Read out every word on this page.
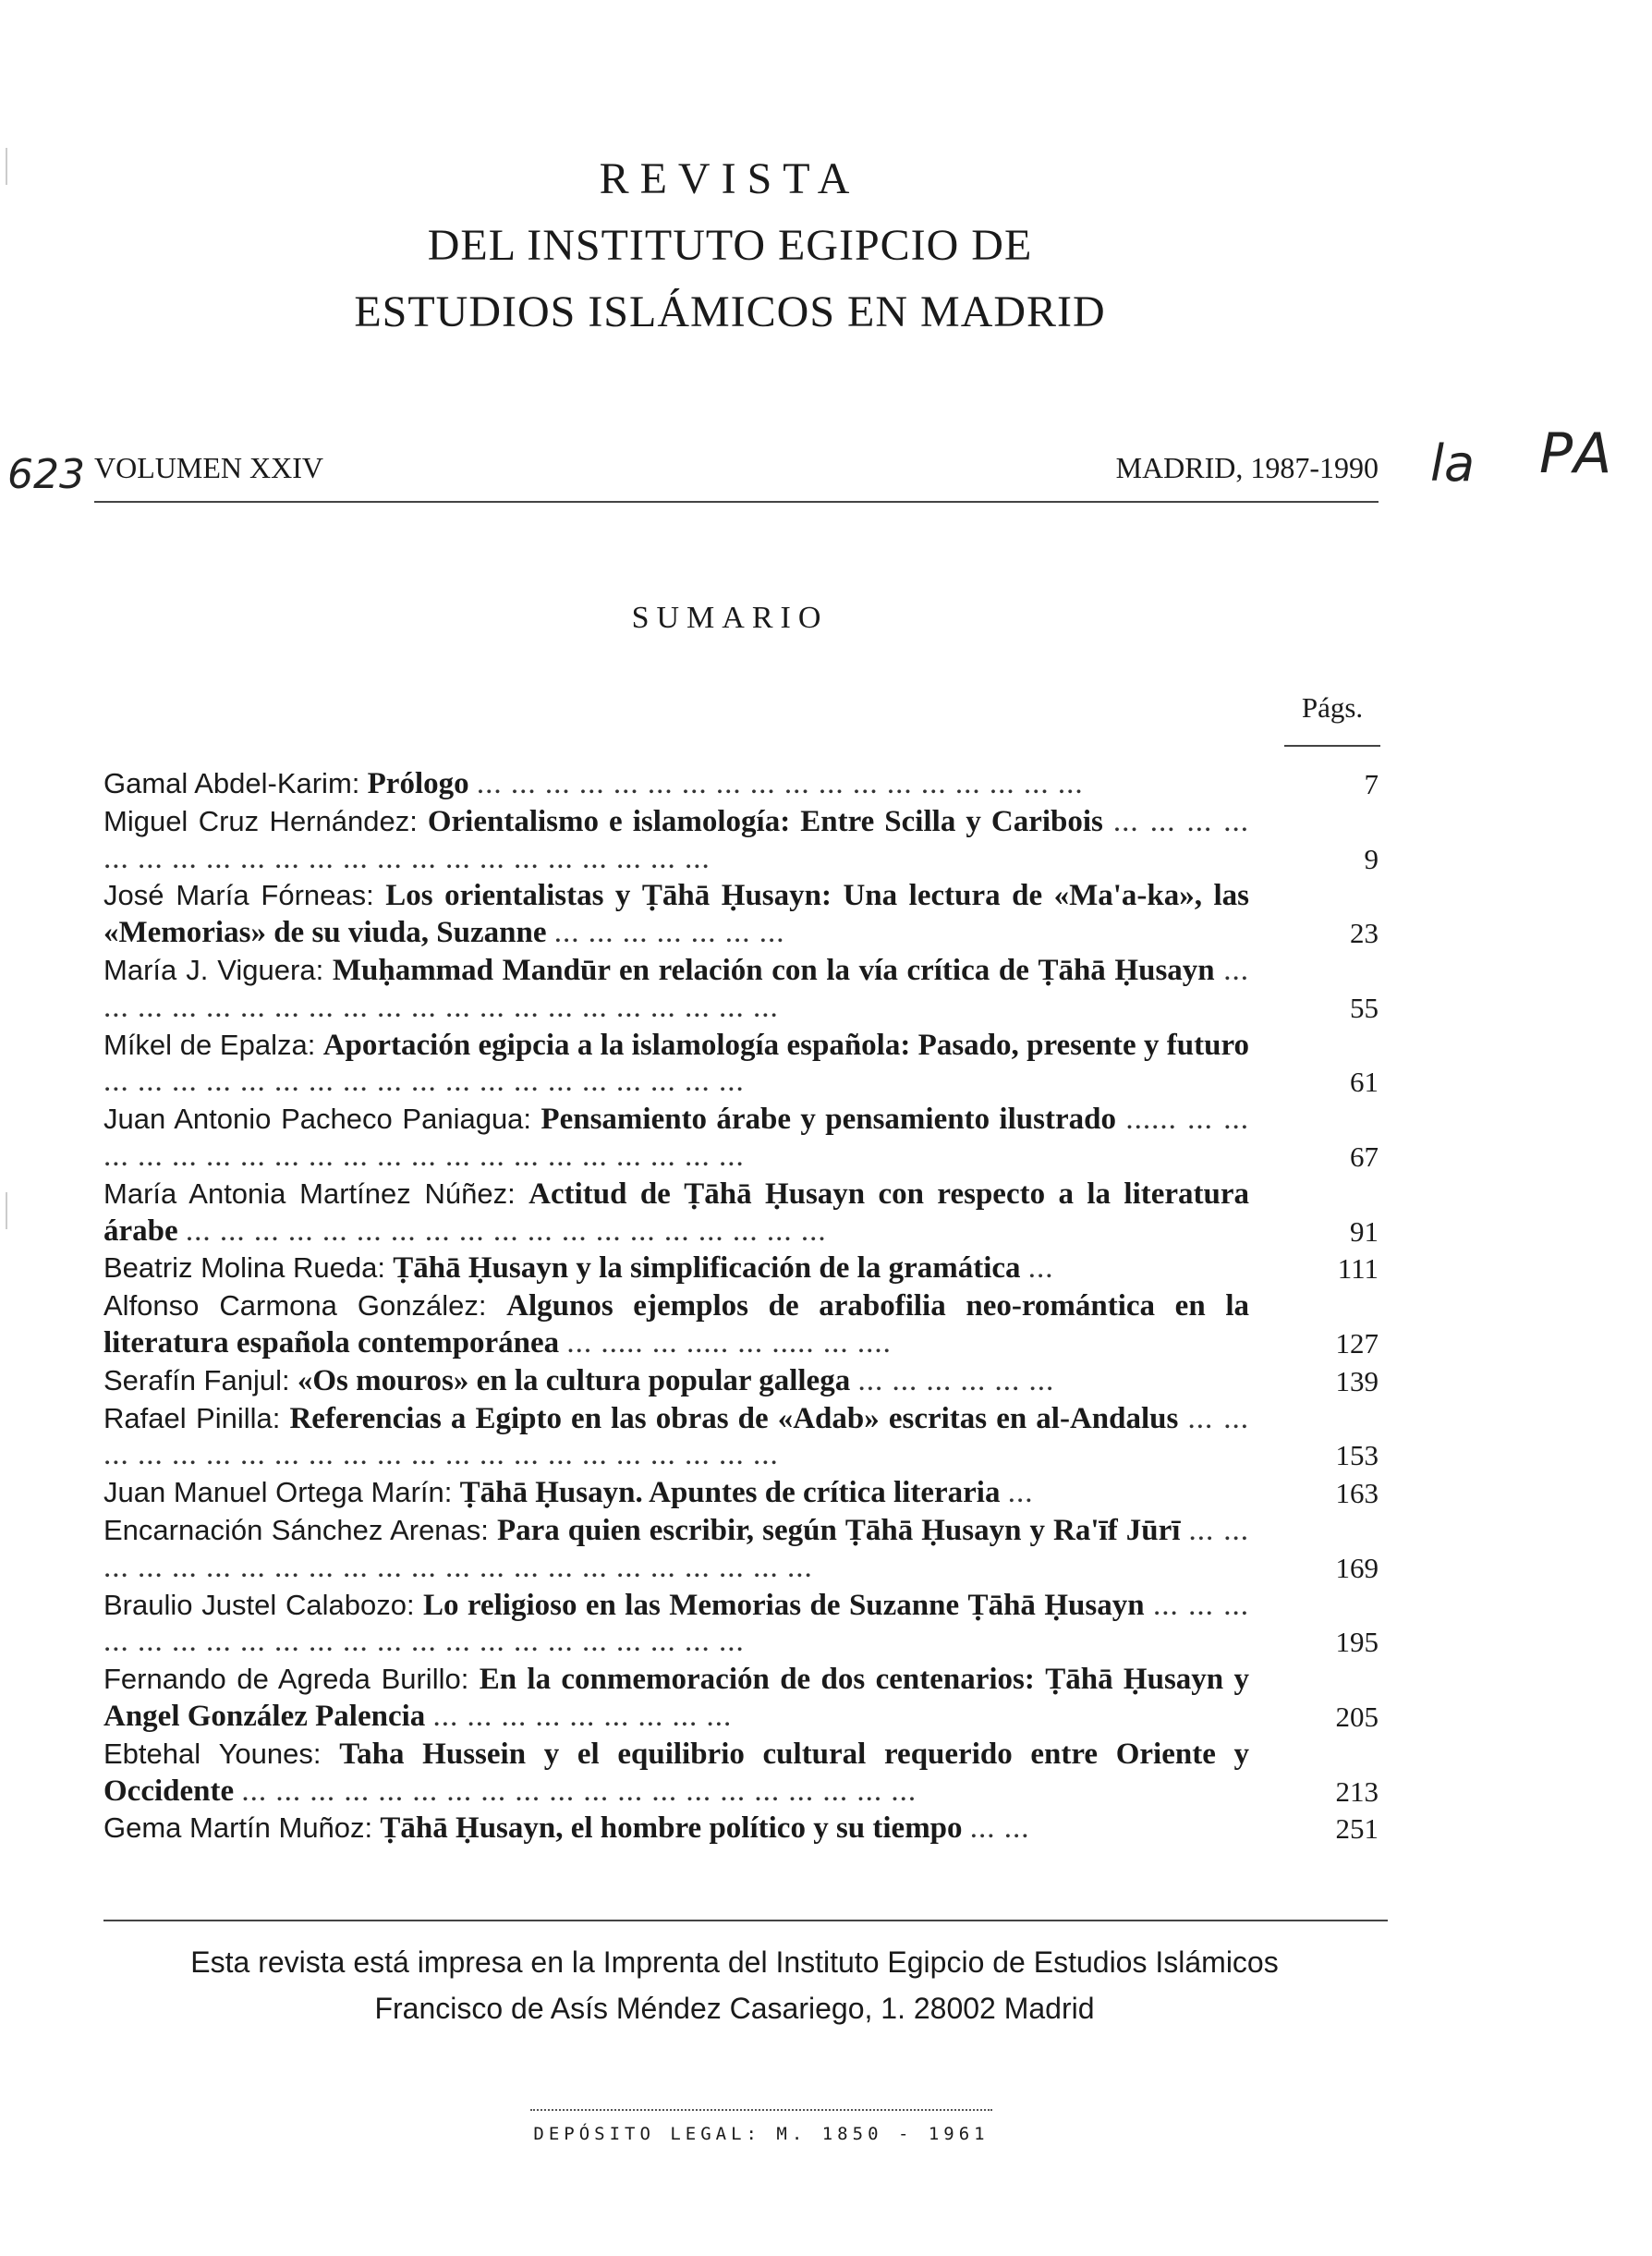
REVISTA
DEL INSTITUTO EGIPCIO DE
ESTUDIOS ISLÁMICOS EN MADRID
623	la PA
VOLUMEN XXIV	MADRID, 1987-1990
SUMARIO
Págs.
Gamal Abdel-Karim: Prólogo ... ... ... ... ... ... ... ... ... ... ... ... ... ... ... ... ... ...	7
Miguel Cruz Hernández: Orientalismo e islamología: Entre Scilla y Caribois ... ... ... ... ... ... ... ... ... ... ... ... ... ... ... ... ... ... ... ... ... ...	9
José María Fórneas: Los orientalistas y Ṭāhā Ḥusayn: Una lectura de «Ma'a-ka», las «Memorias» de su viuda, Suzanne ... ... ... ... ... ... ...	23
María J. Viguera: Muḥammad Mandūr en relación con la vía crítica de Ṭāhā Ḥusayn ... ... ... ... ... ... ... ... ... ... ... ... ... ... ... ... ... ... ... ... ...	55
Míkel de Epalza: Aportación egipcia a la islamología española: Pasado, presente y futuro ... ... ... ... ... ... ... ... ... ... ... ... ... ... ... ... ... ... ...	61
Juan Antonio Pacheco Paniagua: Pensamiento árabe y pensamiento ilustrado ...... ... ... ... ... ... ... ... ... ... ... ... ... ... ... ... ... ... ... ... ... ...	67
María Antonia Martínez Núñez: Actitud de Ṭāhā Ḥusayn con respecto a la literatura árabe ... ... ... ... ... ... ... ... ... ... ... ... ... ... ... ... ... ... ...	91
Beatriz Molina Rueda: Ṭāhā Ḥusayn y la simplificación de la gramática ...	111
Alfonso Carmona González: Algunos ejemplos de arabofilia neo-romántica en la literatura española contemporánea ... ..... ... ..... ... ..... ... ....	127
Serafín Fanjul: «Os mouros» en la cultura popular gallega ... ... ... ... ... ...	139
Rafael Pinilla: Referencias a Egipto en las obras de «Adab» escritas en al-Andalus ... ... ... ... ... ... ... ... ... ... ... ... ... ... ... ... ... ... ... ... ... ...	153
Juan Manuel Ortega Marín: Ṭāhā Ḥusayn. Apuntes de crítica literaria ...	163
Encarnación Sánchez Arenas: Para quien escribir, según Ṭāhā Ḥusayn y Ra'īf Jūrī ... ... ... ... ... ... ... ... ... ... ... ... ... ... ... ... ... ... ... ... ... ... ...	169
Braulio Justel Calabozo: Lo religioso en las Memorias de Suzanne Ṭāhā Ḥusayn ... ... ... ... ... ... ... ... ... ... ... ... ... ... ... ... ... ... ... ... ... ...	195
Fernando de Agreda Burillo: En la conmemoración de dos centenarios: Ṭāhā Ḥusayn y Angel González Palencia ... ... ... ... ... ... ... ... ...	205
Ebtehal Younes: Taha Hussein y el equilibrio cultural requerido entre Oriente y Occidente ... ... ... ... ... ... ... ... ... ... ... ... ... ... ... ... ... ... ... ...	213
Gema Martín Muñoz: Ṭāhā Ḥusayn, el hombre político y su tiempo ... ...	251
Esta revista está impresa en la Imprenta del Instituto Egipcio de Estudios Islámicos
Francisco de Asís Méndez Casariego, 1. 28002 Madrid
DEPÓSITO LEGAL: M. 1850 - 1961
